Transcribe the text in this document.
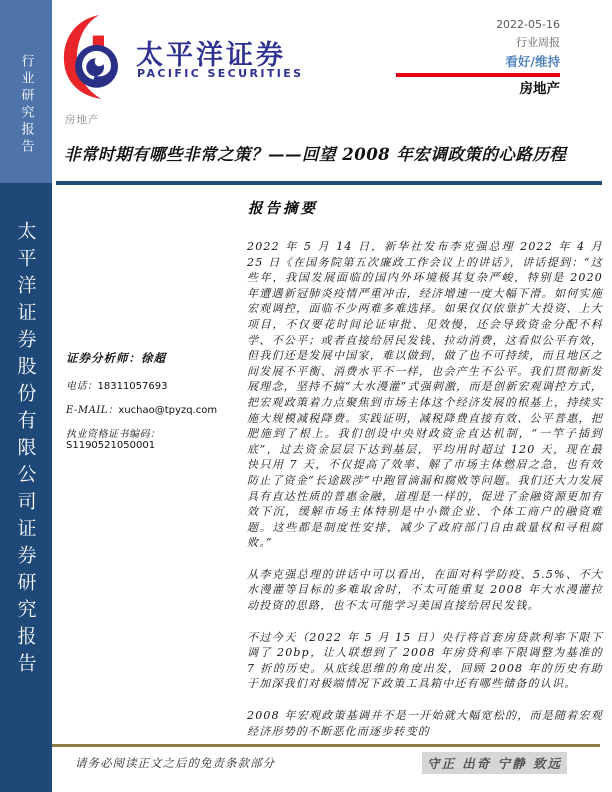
行业研究报告
太平洋证券股份有限公司证券研究报告
太平洋证券
PACIFIC SECURITIES
2022-05-16
行业周报
看好/维持
房地产
房地产
非常时期有哪些非常之策？——回望 2008 年宏调政策的心路历程
报告摘要
证券分析师：徐超
电话：18311057693
E-MAIL：xuchao@tpyzq.com
执业资格证书编码：S1190521050001

2022 年 5 月 14 日，新华社发布李克强总理 2022 年 4 月 25 日《在国务院第五次廉政工作会议上的讲话》，讲话提到：“这些年，我国发展面临的国内外环境极其复杂严峻，特别是 2020 年遭遇新冠肺炎疫情严重冲击，经济增速一度大幅下滑。如何实施宏观调控，面临不少两难多难选择。如果仅仅依靠扩大投资、上大项目，不仅要花时间论证审批、见效慢，还会导致资金分配不科学、不公平；或者直接给居民发钱、拉动消费，这看似公平有效，但我们还是发展中国家，难以做到，做了也不可持续，而且地区之间发展不平衡、消费水平不一样，也会产生不公平。我们贯彻新发展理念，坚持不搞“大水漫灌”式强刺激，而是创新宏观调控方式，把宏观政策着力点聚焦到市场主体这个经济发展的根基上，持续实施大规模减税降费。实践证明，减税降费直接有效、公平普惠，把肥施到了根上。我们创设中央财政资金直达机制，“一竿子插到底”，过去资金层层下达到基层，平均用时超过 120 天，现在最快只用 7 天，不仅提高了效率、解了市场主体燃眉之急，也有效防止了资金“长途跋涉”中跑冒滴漏和腐败等问题。我们还大力发展具有直达性质的普惠金融，道理是一样的，促进了金融资源更加有效下沉，缓解市场主体特别是中小微企业、个体工商户的融资难题。这些都是制度性安排，减少了政府部门自由裁量权和寻租腐败。”

从李克强总理的讲话中可以看出，在面对科学防疫、5.5%、不大水漫灌等目标的多难取舍时，不太可能重复 2008 年大水漫灌拉动投资的思路，也不太可能学习美国直接给居民发钱。

不过今天（2022 年 5 月 15 日）央行将首套房贷款利率下限下调了 20bp，让人联想到了 2008 年房贷利率下限调整为基准的 7 折的历史。从底线思维的角度出发，回顾 2008 年的历史有助于加深我们对极端情况下政策工具箱中还有哪些储备的认识。

2008 年宏观政策基调并不是一开始就大幅宽松的，而是随着宏观经济形势的不断恶化而逐步转变的

请务必阅读正文之后的免责条款部分	守正 出奇 宁静 致远
